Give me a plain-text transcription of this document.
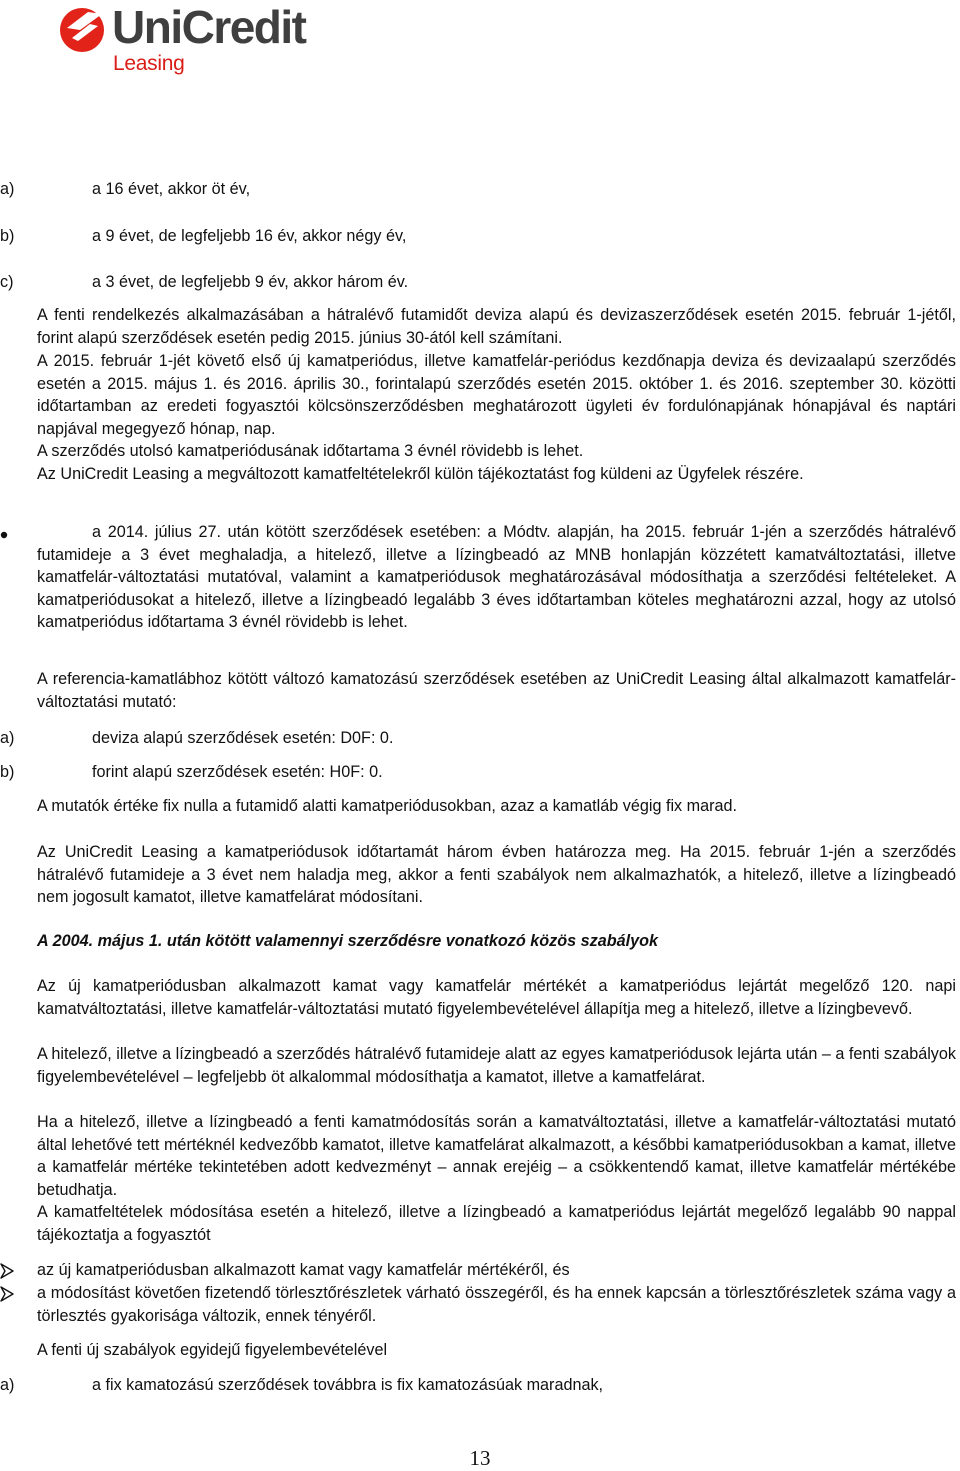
UniCredit
Leasing
a)	a 16 évet, akkor öt év,
b)	a 9 évet, de legfeljebb 16 év, akkor négy év,
c)	a 3 évet, de legfeljebb 9 év, akkor három év.
A fenti rendelkezés alkalmazásában a hátralévő futamidőt deviza alapú és devizaszerződések esetén 2015. február 1-jétől, forint alapú szerződések esetén pedig 2015. június 30-ától kell számítani.
A 2015. február 1-jét követő első új kamatperiódus, illetve kamatfelár-periódus kezdőnapja deviza és devizaalapú szerződés esetén a 2015. május 1. és 2016. április 30., forintalapú szerződés esetén 2015. október 1. és 2016. szeptember 30. közötti időtartamban az eredeti fogyasztói kölcsönszerződésben meghatározott ügyleti év fordulónapjának hónapjával és naptári napjával megegyező hónap, nap.
A szerződés utolsó kamatperiódusának időtartama 3 évnél rövidebb is lehet.
Az UniCredit Leasing a megváltozott kamatfeltételekről külön tájékoztatást fog küldeni az Ügyfelek részére.
a 2014. július 27. után kötött szerződések esetében: a Módtv. alapján, ha 2015. február 1-jén a szerződés hátralévő futamideje a 3 évet meghaladja, a hitelező, illetve a lízingbeadó az MNB honlapján közzétett kamatváltoztatási, illetve kamatfelár-változtatási mutatóval, valamint a kamatperiódusok meghatározásával módosíthatja a szerződési feltételeket. A kamatperiódusokat a hitelező, illetve a lízingbeadó legalább 3 éves időtartamban köteles meghatározni azzal, hogy az utolsó kamatperiódus időtartama 3 évnél rövidebb is lehet.
A referencia-kamatlábhoz kötött változó kamatozású szerződések esetében az UniCredit Leasing által alkalmazott kamatfelár-változtatási mutató:
a)	deviza alapú szerződések esetén: D0F: 0.
b)	forint alapú szerződések esetén: H0F: 0.
A mutatók értéke fix nulla a futamidő alatti kamatperiódusokban, azaz a kamatláb végig fix marad.
Az UniCredit Leasing a kamatperiódusok időtartamát három évben határozza meg. Ha 2015. február 1-jén a szerződés hátralévő futamideje a 3 évet nem haladja meg, akkor a fenti szabályok nem alkalmazhatók, a hitelező, illetve a lízingbeadó nem jogosult kamatot, illetve kamatfelárat módosítani.
A 2004. május 1. után kötött valamennyi szerződésre vonatkozó közös szabályok
Az új kamatperiódusban alkalmazott kamat vagy kamatfelár mértékét a kamatperiódus lejártát megelőző 120. napi kamatváltoztatási, illetve kamatfelár-változtatási mutató figyelembevételével állapítja meg a hitelező, illetve a lízingbevevő.
A hitelező, illetve a lízingbeadó a szerződés hátralévő futamideje alatt az egyes kamatperiódusok lejárta után – a fenti szabályok figyelembevételével – legfeljebb öt alkalommal módosíthatja a kamatot, illetve a kamatfelárat.
Ha a hitelező, illetve a lízingbeadó a fenti kamatmódosítás során a kamatváltoztatási, illetve a kamatfelár-változtatási mutató által lehetővé tett mértéknél kedvezőbb kamatot, illetve kamatfelárat alkalmazott, a későbbi kamatperiódusokban a kamat, illetve a kamatfelár mértéke tekintetében adott kedvezményt – annak erejéig – a csökkentendő kamat, illetve kamatfelár mértékébe betudhatja.
A kamatfeltételek módosítása esetén a hitelező, illetve a lízingbeadó a kamatperiódus lejártát megelőző legalább 90 nappal tájékoztatja a fogyasztót
az új kamatperiódusban alkalmazott kamat vagy kamatfelár mértékéről, és
a módosítást követően fizetendő törlesztőrészletek várható összegéről, és ha ennek kapcsán a törlesztőrészletek száma vagy a törlesztés gyakorisága változik, ennek tényéről.
A fenti új szabályok egyidejű figyelembevételével
a)	a fix kamatozású szerződések továbbra is fix kamatozásúak maradnak,
13
